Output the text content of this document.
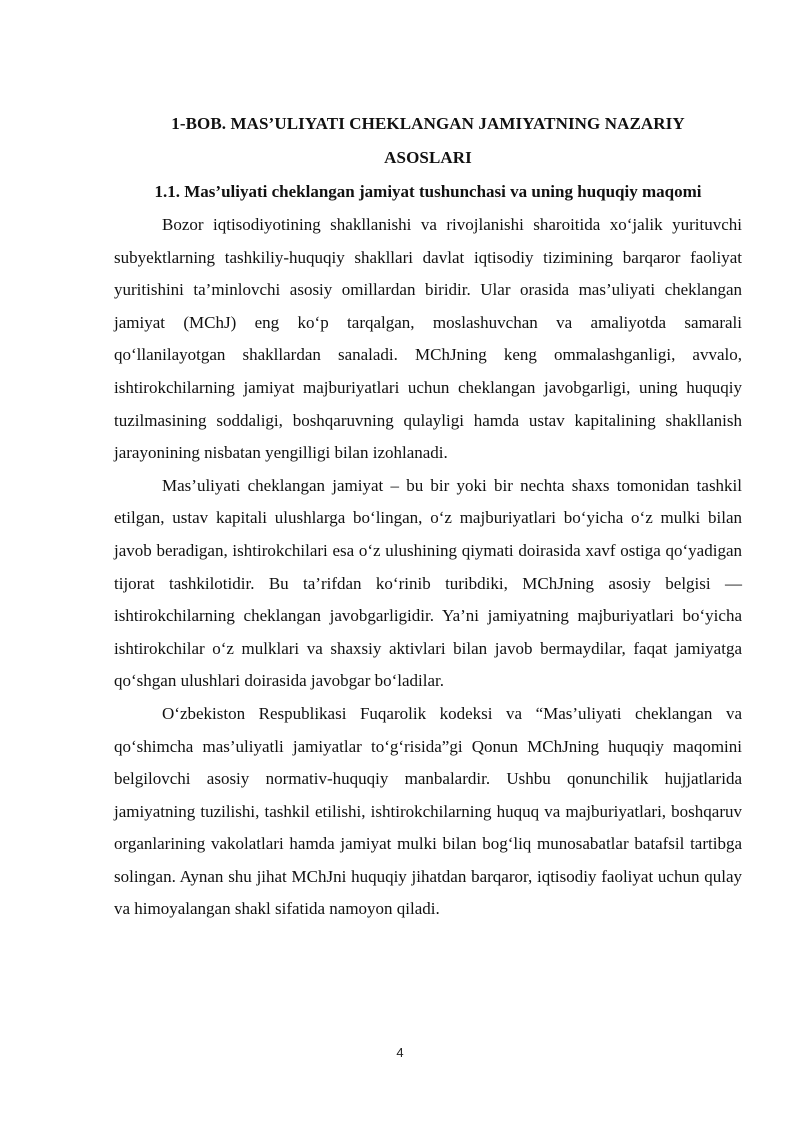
1-BOB. MAS’ULIYATI CHEKLANGAN JAMIYATNING NAZARIY
ASOSLARI
1.1. Mas’uliyati cheklangan jamiyat tushunchasi va uning huquqiy maqomi

Bozor iqtisodiyotining shakllanishi va rivojlanishi sharoitida xo‘jalik yurituvchi subyektlarning tashkiliy-huquqiy shakllari davlat iqtisodiy tizimining barqaror faoliyat yuritishini ta’minlovchi asosiy omillardan biridir. Ular orasida mas’uliyati cheklangan jamiyat (MChJ) eng ko‘p tarqalgan, moslashuvchan va amaliyotda samarali qo‘llanilayotgan shakllardan sanaladi. MChJning keng ommalashganligi, avvalo, ishtirokchilarning jamiyat majburiyatlari uchun cheklangan javobgarligi, uning huquqiy tuzilmasining soddaligi, boshqaruvning qulayligi hamda ustav kapitalining shakllanish jarayonining nisbatan yengilligi bilan izohlanadi.

Mas’uliyati cheklangan jamiyat – bu bir yoki bir nechta shaxs tomonidan tashkil etilgan, ustav kapitali ulushlarga bo‘lingan, o‘z majburiyatlari bo‘yicha o‘z mulki bilan javob beradigan, ishtirokchilari esa o‘z ulushining qiymati doirasida xavf ostiga qo‘yadigan tijorat tashkilotidir. Bu ta’rifdan ko‘rinib turibdiki, MChJning asosiy belgisi — ishtirokchilarning cheklangan javobgarligidir. Ya’ni jamiyatning majburiyatlari bo‘yicha ishtirokchilar o‘z mulklari va shaxsiy aktivlari bilan javob bermaydilar, faqat jamiyatga qo‘shgan ulushlari doirasida javobgar bo‘ladilar.

O‘zbekiston Respublikasi Fuqarolik kodeksi va “Mas’uliyati cheklangan va qo‘shimcha mas’uliyatli jamiyatlar to‘g‘risida”gi Qonun MChJning huquqiy maqomini belgilovchi asosiy normativ-huquqiy manbalardir. Ushbu qonunchilik hujjatlarida jamiyatning tuzilishi, tashkil etilishi, ishtirokchilarning huquq va majburiyatlari, boshqaruv organlarining vakolatlari hamda jamiyat mulki bilan bog‘liq munosabatlar batafsil tartibga solingan. Aynan shu jihat MChJni huquqiy jihatdan barqaror, iqtisodiy faoliyat uchun qulay va himoyalangan shakl sifatida namoyon qiladi.

4
